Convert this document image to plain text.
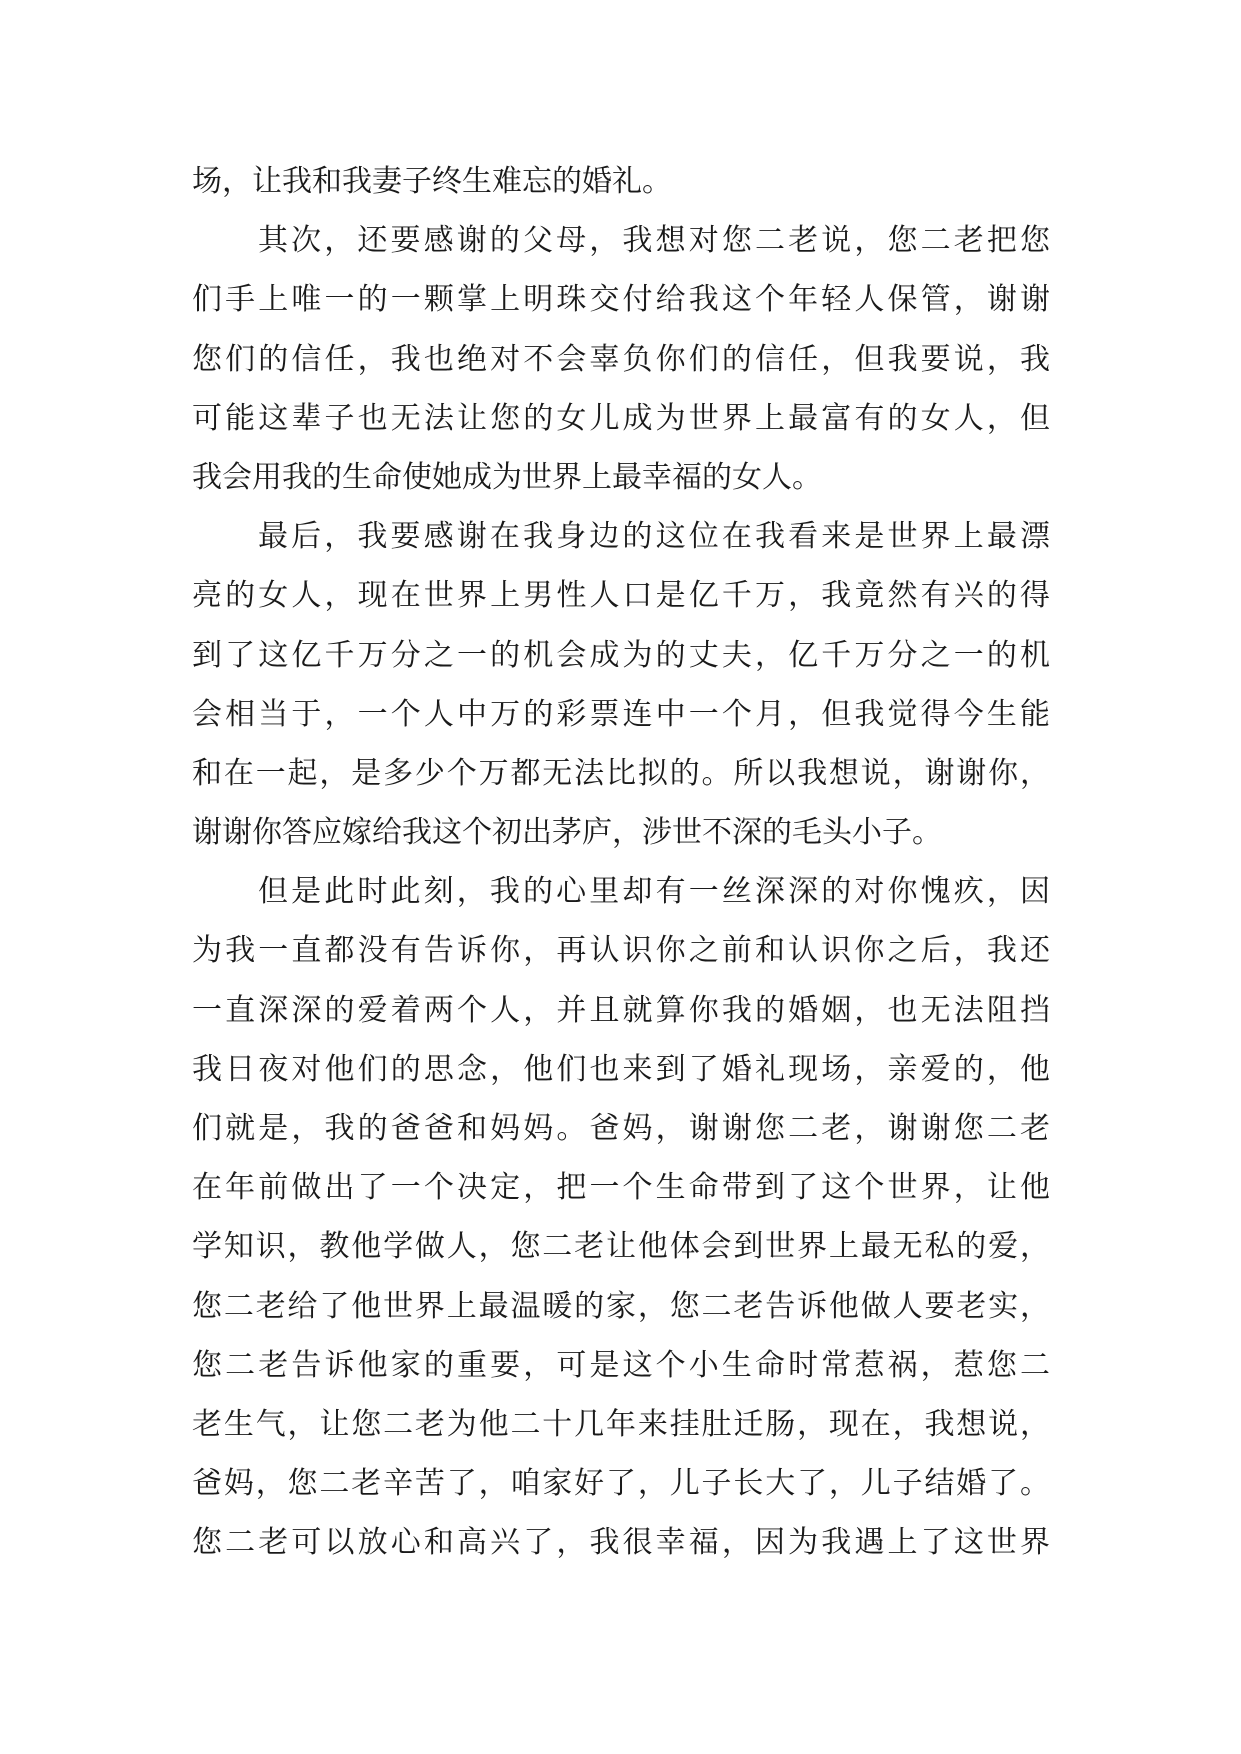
场，让我和我妻子终生难忘的婚礼。
其次，还要感谢的父母，我想对您二老说，您二老把您
们手上唯一的一颗掌上明珠交付给我这个年轻人保管，谢谢
您们的信任，我也绝对不会辜负你们的信任，但我要说，我
可能这辈子也无法让您的女儿成为世界上最富有的女人，但
我会用我的生命使她成为世界上最幸福的女人。
最后，我要感谢在我身边的这位在我看来是世界上最漂
亮的女人，现在世界上男性人口是亿千万，我竟然有兴的得
到了这亿千万分之一的机会成为的丈夫，亿千万分之一的机
会相当于，一个人中万的彩票连中一个月，但我觉得今生能
和在一起，是多少个万都无法比拟的。所以我想说，谢谢你，
谢谢你答应嫁给我这个初出茅庐，涉世不深的毛头小子。
但是此时此刻，我的心里却有一丝深深的对你愧疚，因
为我一直都没有告诉你，再认识你之前和认识你之后，我还
一直深深的爱着两个人，并且就算你我的婚姻，也无法阻挡
我日夜对他们的思念，他们也来到了婚礼现场，亲爱的，他
们就是，我的爸爸和妈妈。爸妈，谢谢您二老，谢谢您二老
在年前做出了一个决定，把一个生命带到了这个世界，让他
学知识，教他学做人，您二老让他体会到世界上最无私的爱，
您二老给了他世界上最温暖的家，您二老告诉他做人要老实，
您二老告诉他家的重要，可是这个小生命时常惹祸，惹您二
老生气，让您二老为他二十几年来挂肚迁肠，现在，我想说，
爸妈，您二老辛苦了，咱家好了，儿子长大了，儿子结婚了。
您二老可以放心和高兴了，我很幸福，因为我遇上了这世界
